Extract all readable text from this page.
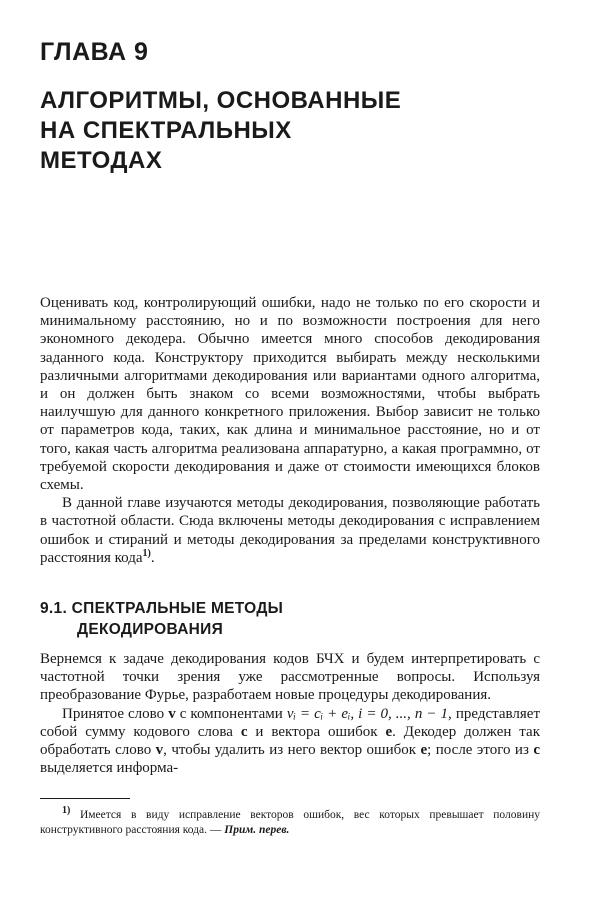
ГЛАВА 9
АЛГОРИТМЫ, ОСНОВАННЫЕ
НА СПЕКТРАЛЬНЫХ
МЕТОДАХ

Оценивать код, контролирующий ошибки, надо не только по его скорости и минимальному расстоянию, но и по возможности построения для него экономного декодера. Обычно имеется много способов декодирования заданного кода. Конструктору приходится выбирать между несколькими различными алгоритмами декодирования или вариантами одного алгоритма, и он должен быть знаком со всеми возможностями, чтобы выбрать наилучшую для данного конкретного приложения. Выбор зависит не только от параметров кода, таких, как длина и минимальное расстояние, но и от того, какая часть алгоритма реализована аппаратурно, а какая программно, от требуемой скорости декодирования и даже от стоимости имеющихся блоков схемы.

В данной главе изучаются методы декодирования, позволяющие работать в частотной области. Сюда включены методы декодирования с исправлением ошибок и стираний и методы декодирования за пределами конструктивного расстояния кода$^{1)}$.

9.1. СПЕКТРАЛЬНЫЕ МЕТОДЫ
ДЕКОДИРОВАНИЯ

Вернемся к задаче декодирования кодов БЧХ и будем интерпретировать с частотной точки зрения уже рассмотренные вопросы. Используя преобразование Фурье, разработаем новые процедуры декодирования.

Принятое слово v с компонентами vᵢ = cᵢ + eᵢ, i = 0, ..., n − 1, представляет собой сумму кодового слова c и вектора ошибок e. Декодер должен так обработать слово v, чтобы удалить из него вектор ошибок e; после этого из c выделяется информа-

1) Имеется в виду исправление векторов ошибок, вес которых превышает половину конструктивного расстояния кода. — Прим. перев.
